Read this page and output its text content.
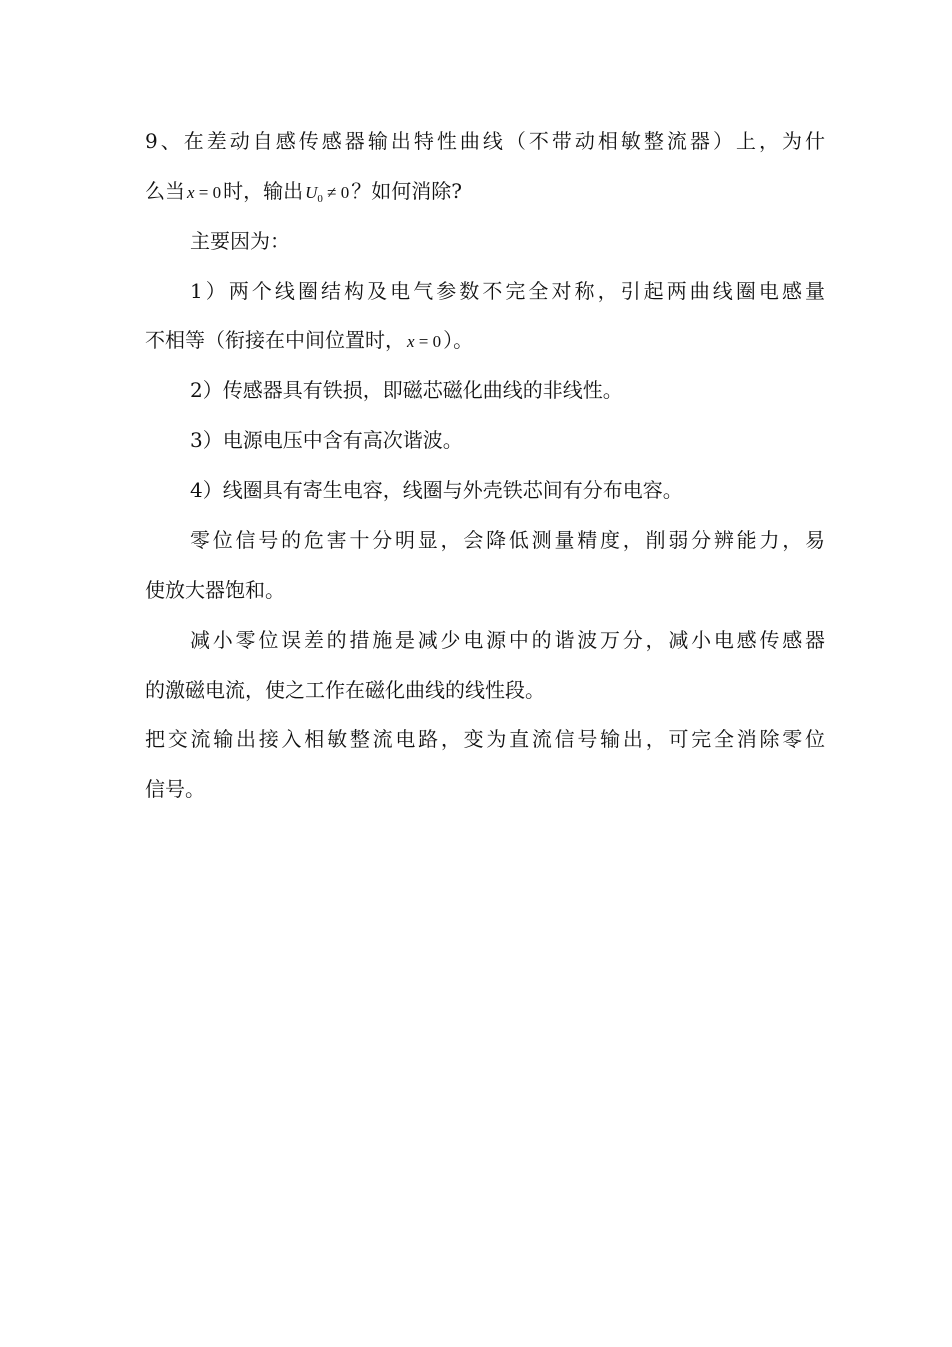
9、在差动自感传感器输出特性曲线（不带动相敏整流器）上，为什
么当 x = 0 时，输出 $U_0 \ne 0$ ？如何消除?
主要因为：
1）两个线圈结构及电气参数不完全对称，引起两曲线圈电感量
不相等（衔接在中间位置时， x = 0 ）。
2）传感器具有铁损，即磁芯磁化曲线的非线性。
3）电源电压中含有高次谐波。
4）线圈具有寄生电容，线圈与外壳铁芯间有分布电容。
零位信号的危害十分明显，会降低测量精度，削弱分辨能力，易
使放大器饱和。
减小零位误差的措施是减少电源中的谐波万分，减小电感传感器
的激磁电流，使之工作在磁化曲线的线性段。
把交流输出接入相敏整流电路，变为直流信号输出，可完全消除零位
信号。
